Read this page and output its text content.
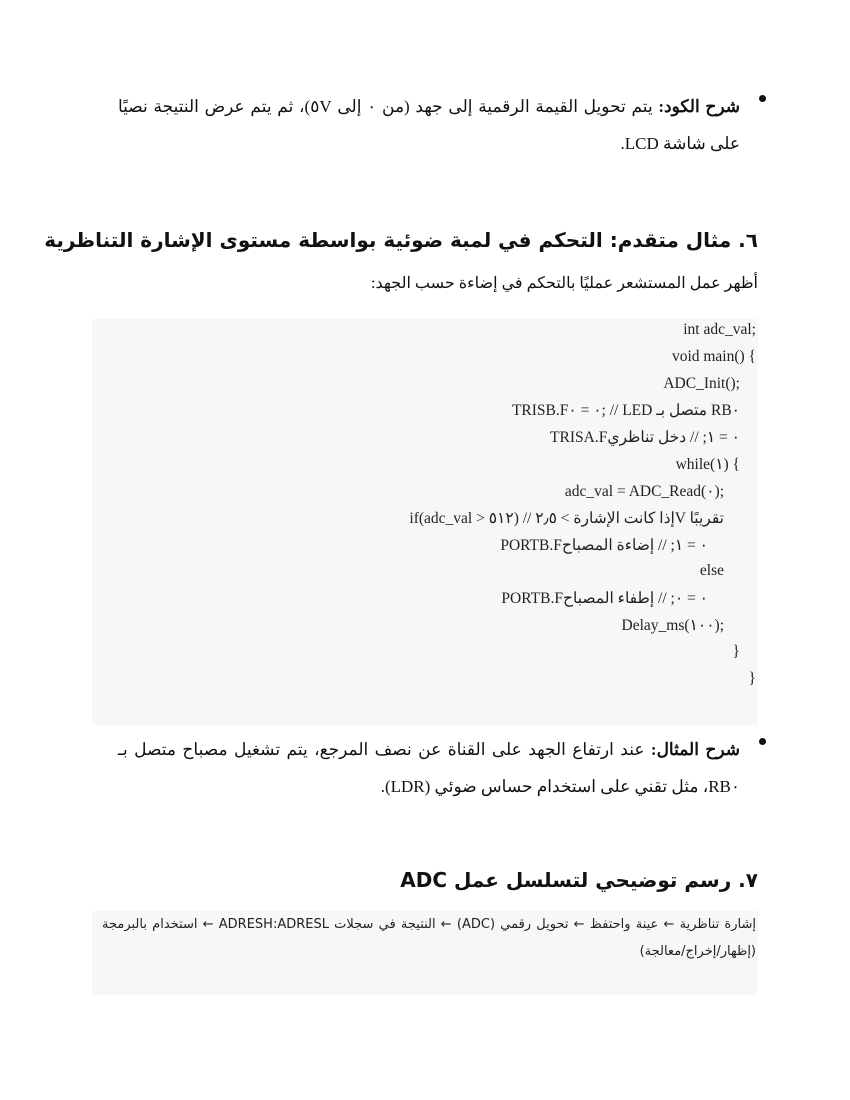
شرح الكود: يتم تحويل القيمة الرقمية إلى جهد (من ٠ إلى ٥V)، ثم يتم عرض النتيجة نصيًا على شاشة LCD.
٦. مثال متقدم: التحكم في لمبة ضوئية بواسطة مستوى الإشارة التناظرية
أظهر عمل المستشعر عمليًا بالتحكم في إضاءة حسب الجهد:
int adc_val;
void main() {
ADC_Init();
TRISB.F٠ = ٠; // LED متصل بـ RB٠
TRISA.F٠ = ١; // دخل تناظري
while(١) {
adc_val = ADC_Read(٠);
if(adc_val > ٥١٢) // إذا كانت الإشارة > ٢٫٥V تقريبًا
PORTB.F٠ = ١; // إضاءة المصباح
else
PORTB.F٠ = ٠; // إطفاء المصباح
Delay_ms(١٠٠);
}
}
شرح المثال: عند ارتفاع الجهد على القناة عن نصف المرجع، يتم تشغيل مصباح متصل بـ RB٠، مثل تقني على استخدام حساس ضوئي (LDR).
٧. رسم توضيحي لتسلسل عمل ADC
إشارة تناظرية ← عينة واحتفظ ← تحويل رقمي (ADC) ← النتيجة في سجلات ADRESH:ADRESL ← استخدام بالبرمجة (إظهار/إخراج/معالجة)
